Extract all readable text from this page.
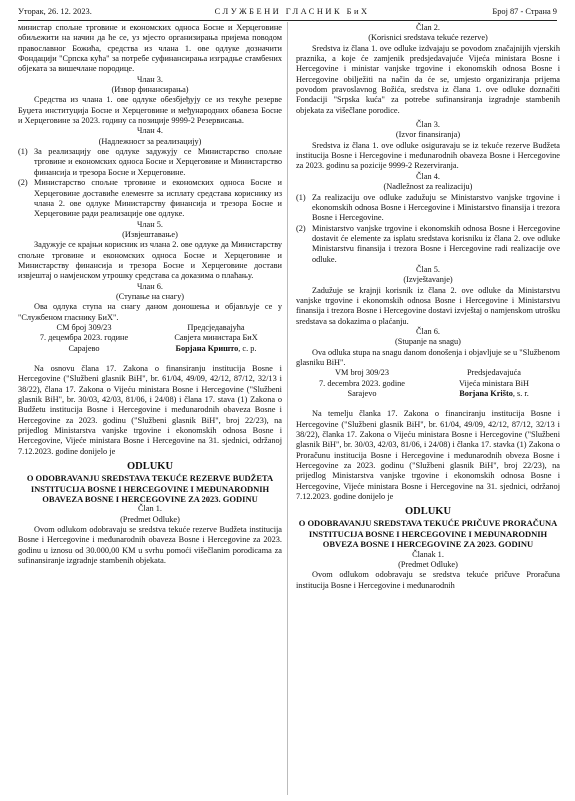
Уторак, 26. 12. 2023.	СЛУЖБЕНИ ГЛАСНИК БиХ	Број 87 - Страна 9

министар спољне трговине и економских односа Босне и Херцеговине обиљежити на начин да ће се, уз мјесто организирања пријема поводом православног Божића, средства из члана 1. ове одлуке дозначити Фондацији "Српска кућа" за потребе суфинансирања изградње стамбених објеката за вишечлане породице.

Члан 3.

(Извор финансирања)

Средства из члана 1. ове одлуке обезбјеђују се из текуће резерве Буџета институција Босне и Херцеговине и међународних обавеза Босне и Херцеговине за 2023. годину са позиције 9999-2 Резервисања.

Члан 4.

(Надлежност за реализацију)

(1) За реализацију ове одлуке задужују се Министарство спољне трговине и економских односа Босне и Херцеговине и Министарство финансија и трезора Босне и Херцеговине.
(2) Министарство спољне трговине и економских односа Босне и Херцеговине доставиће елементе за исплату средстава кориснику из члана 2. ове одлуке Министарству финансија и трезора Босне и Херцеговине ради реализације ове одлуке.

Члан 5.

(Извјештавање)

Задужује се крајњи корисник из члана 2. ове одлуке да Министарству спољне трговине и економских односа Босне и Херцеговине и Министарству финансија и трезора Босне и Херцеговине достави извјештај о намјенском утрошку средстава са доказима о плаћању.

Члан 6.

(Ступање на снагу)

Ова одлука ступа на снагу даном доношења и објављује се у "Службеном гласнику БиХ".

СМ број 309/23
7. децембра 2023. године
Сарајево
Предсједавајућа
Савјета министара БиХ
Борјана Кришто, с. р.

Na osnovu člana 17. Zakona o finansiranju institucija Bosne i Hercegovine ("Službeni glasnik BiH", br. 61/04, 49/09, 42/12, 87/12, 32/13 i 38/22), člana 17. Zakona o Vijeću ministara Bosne i Hercegovine ("Službeni glasnik BiH", br. 30/03, 42/03, 81/06, i 24/08) i člana 17. stava (1) Zakona o Budžetu institucija Bosne i Hercegovine i međunarodnih obaveza Bosne i Hercegovine za 2023. godinu ("Službeni glasnik BiH", broj 22/23), na prijedlog Ministarstva vanjske trgovine i ekonomskih odnosa Bosne i Hercegovine, Vijeće ministara Bosne i Hercegovine na 31. sjednici, održanoj 7.12.2023. godine donijelo je

ODLUKU

O ODOBRAVANJU SREDSTAVA TEKUĆE REZERVE BUDŽETA INSTITUCIJA BOSNE I HERCEGOVINE I MEĐUNARODNIH OBAVEZA BOSNE I HERCEGOVINE ZA 2023. GODINU

Član 1.

(Predmet Odluke)

Ovom odlukom odobravaju se sredstva tekuće rezerve Budžeta institucija Bosne i Hercegovine i međunarodnih obaveza Bosne i Hercegovine za 2023. godinu u iznosu od 30.000,00 KM u svrhu pomoći višečlanim porodicama za sufinansiranje izgradnje stambenih objekata.

Član 2.

(Korisnici sredstava tekuće rezerve)

Sredstva iz člana 1. ove odluke izdvajaju se povodom značajnijih vjerskih praznika, a koje će zamjenik predsjedavajuće Vijeća ministara Bosne i Hercegovine i ministar vanjske trgovine i ekonomskih odnosa Bosne i Hercegovine obilježiti na način da će se, umjesto organiziranja prijema povodom pravoslavnog Božića, sredstva iz člana 1. ove odluke doznačiti Fondaciji "Srpska kuća" za potrebe sufinansiranja izgradnje stambenih objekata za višečlane porodice.

Član 3.

(Izvor finansiranja)

Sredstva iz člana 1. ove odluke osiguravaju se iz tekuće rezerve Budžeta institucija Bosne i Hercegovine i međunarodnih obaveza Bosne i Hercegovine za 2023. godinu sa pozicije 9999-2 Rezerviranja.

Član 4.

(Nadležnost za realizaciju)

(1) Za realizaciju ove odluke zadužuju se Ministarstvo vanjske trgovine i ekonomskih odnosa Bosne i Hercegovine i Ministarstvo finansija i trezora Bosne i Hercegovine.
(2) Ministarstvo vanjske trgovine i ekonomskih odnosa Bosne i Hercegovine dostavit će elemente za isplatu sredstava korisniku iz člana 2. ove odluke Ministarstvu finansija i trezora Bosne i Hercegovine radi realizacije ove odluke.

Član 5.

(Izvještavanje)

Zadužuje se krajnji korisnik iz člana 2. ove odluke da Ministarstvu vanjske trgovine i ekonomskih odnosa Bosne i Hercegovine i Ministarstvu finansija i trezora Bosne i Hercegovine dostavi izvještaj o namjenskom utrošku sredstava sa dokazima o plaćanju.

Član 6.

(Stupanje na snagu)

Ova odluka stupa na snagu danom donošenja i objavljuje se u "Službenom glasniku BiH".

VM broj 309/23
7. decembra 2023. godine
Sarajevo
Predsjedavajuća
Vijeća ministara BiH
Borjana Krišto, s. r.

Na temelju članka 17. Zakona o financiranju institucija Bosne i Hercegovine ("Službeni glasnik BiH", br. 61/04, 49/09, 42/12, 87/12, 32/13 i 38/22), članka 17. Zakona o Vijeću ministara Bosne i Hercegovine ("Službeni glasnik BiH", br. 30/03, 42/03, 81/06, i 24/08) i članka 17. stavka (1) Zakona o Proračunu institucija Bosne i Hercegovine i međunarodnih obveza Bosne i Hercegovine za 2023. godinu ("Službeni glasnik BiH", broj 22/23), na prijedlog Ministarstva vanjske trgovine i ekonomskih odnosa Bosne i Hercegovine, Vijeće ministara Bosne i Hercegovine na 31. sjednici, održanoj 7.12.2023. godine donijelo je

ODLUKU

O ODOBRAVANJU SREDSTAVA TEKUĆE PRIČUVE PRORAČUNA INSTITUCIJA BOSNE I HERCEGOVINE I MEĐUNARODNIH OBVEZA BOSNE I HERCEGOVINE ZA 2023. GODINU

Članak 1.

(Predmet Odluke)

Ovom odlukom odobravaju se sredstva tekuće pričuve Proračuna institucija Bosne i Hercegovine i međunarodnih
